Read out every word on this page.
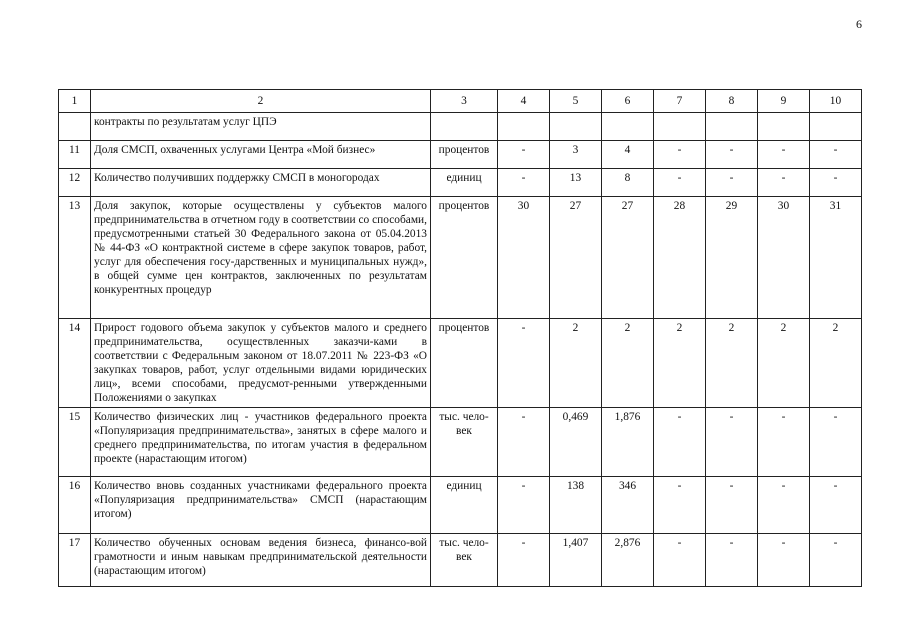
6
1	2	3	4	5	6	7	8	9	10
	контракты по результатам услуг ЦПЭ								
11	Доля СМСП, охваченных услугами Центра «Мой бизнес»	процентов	-	3	4	-	-	-	-
12	Количество получивших поддержку СМСП в моногородах	единиц	-	13	8	-	-	-	-
13	Доля закупок, которые осуществлены у субъектов малого предпринимательства в отчетном году в соответствии со способами, предусмотренными статьей 30 Федерального закона от 05.04.2013 № 44-ФЗ «О контрактной системе в сфере закупок товаров, работ, услуг для обеспечения госу-дарственных и муниципальных нужд», в общей сумме цен контрактов, заключенных по результатам конкурентных процедур	процентов	30	27	27	28	29	30	31
14	Прирост годового объема закупок у субъектов малого и среднего предпринимательства, осуществленных заказчи-ками в соответствии с Федеральным законом от 18.07.2011 № 223-ФЗ «О закупках товаров, работ, услуг отдельными видами юридических лиц», всеми способами, предусмот-ренными утвержденными Положениями о закупках	процентов	-	2	2	2	2	2	2
15	Количество физических лиц - участников федерального проекта «Популяризация предпринимательства», занятых в сфере малого и среднего предпринимательства, по итогам участия в федеральном проекте (нарастающим итогом)	тыс. чело-век	-	0,469	1,876	-	-	-	-
16	Количество вновь созданных участниками федерального проекта «Популяризация предпринимательства» СМСП (нарастающим итогом)	единиц	-	138	346	-	-	-	-
17	Количество обученных основам ведения бизнеса, финансо-вой грамотности и иным навыкам предпринимательской деятельности (нарастающим итогом)	тыс. чело-век	-	1,407	2,876	-	-	-	-
